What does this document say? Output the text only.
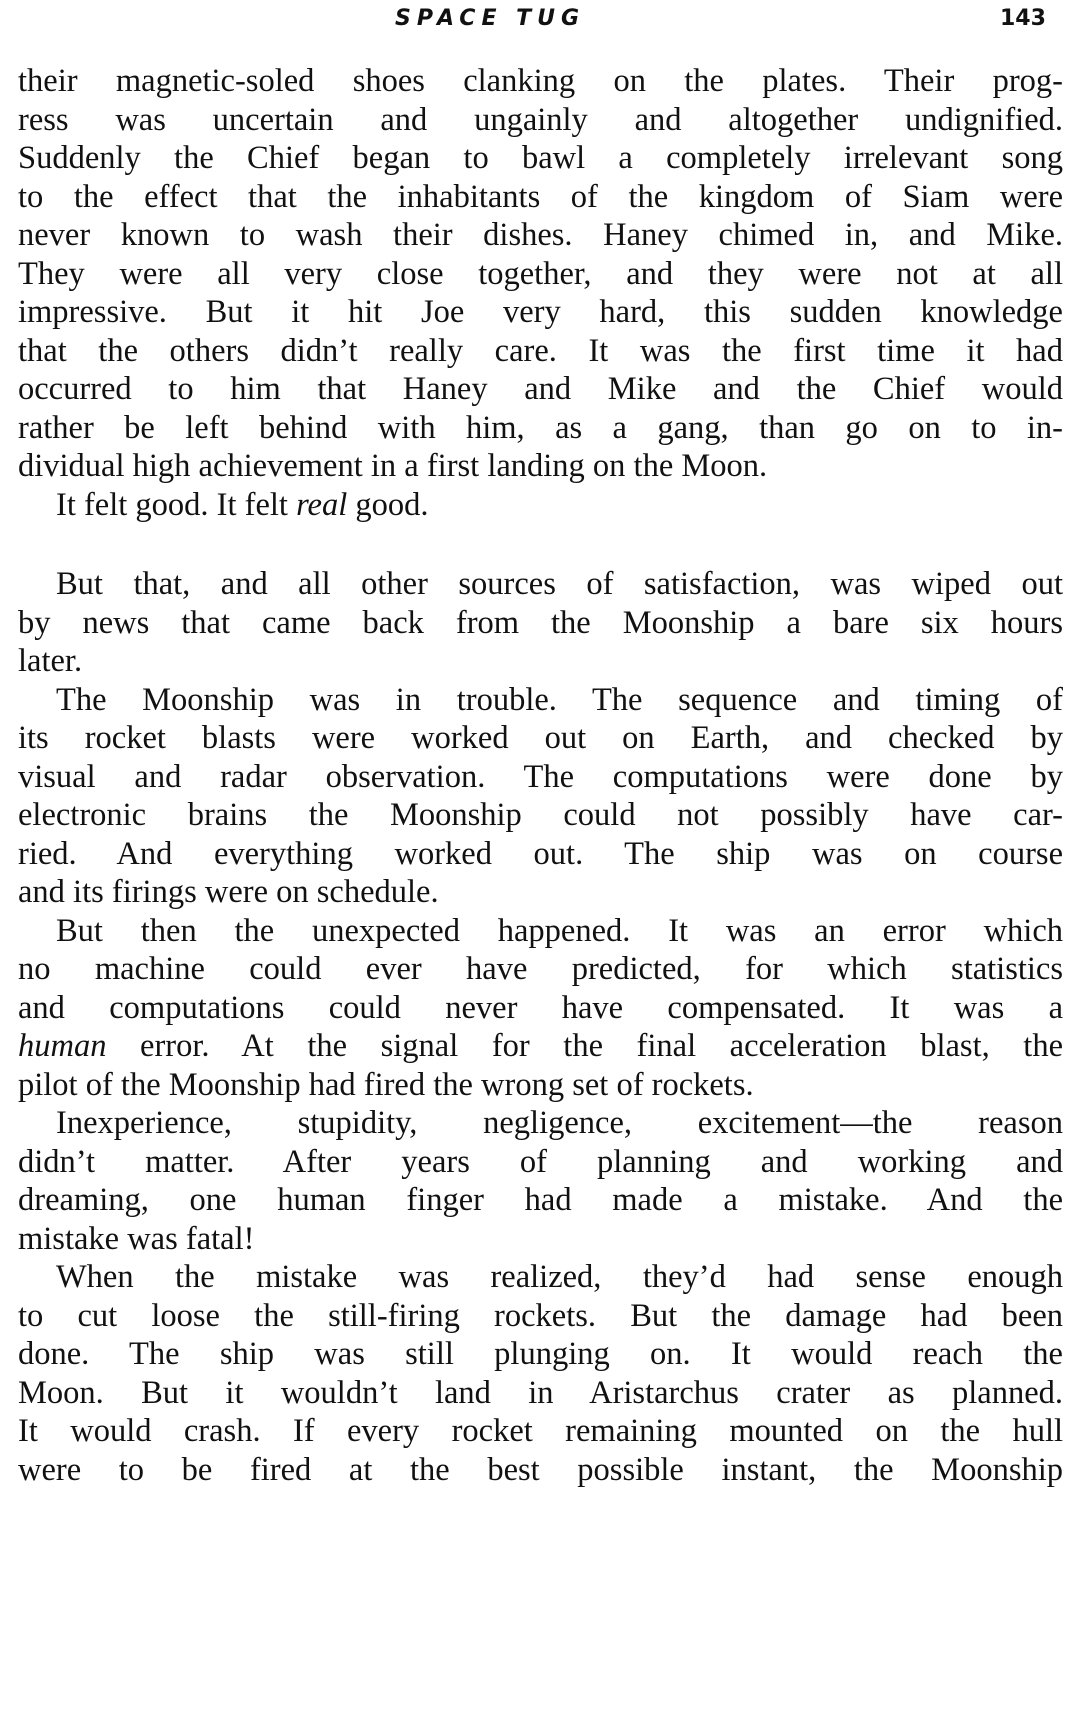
SPACE TUG	143
their magnetic-soled shoes clanking on the plates. Their prog-
ress was uncertain and ungainly and altogether undignified.
Suddenly the Chief began to bawl a completely irrelevant song
to the effect that the inhabitants of the kingdom of Siam were
never known to wash their dishes. Haney chimed in, and Mike.
They were all very close together, and they were not at all
impressive. But it hit Joe very hard, this sudden knowledge
that the others didn’t really care. It was the first time it had
occurred to him that Haney and Mike and the Chief would
rather be left behind with him, as a gang, than go on to in-
dividual high achievement in a first landing on the Moon.
It felt good. It felt real good.
But that, and all other sources of satisfaction, was wiped out
by news that came back from the Moonship a bare six hours
later.
The Moonship was in trouble. The sequence and timing of
its rocket blasts were worked out on Earth, and checked by
visual and radar observation. The computations were done by
electronic brains the Moonship could not possibly have car-
ried. And everything worked out. The ship was on course
and its firings were on schedule.
But then the unexpected happened. It was an error which
no machine could ever have predicted, for which statistics
and computations could never have compensated. It was a
human error. At the signal for the final acceleration blast, the
pilot of the Moonship had fired the wrong set of rockets.
Inexperience, stupidity, negligence, excitement—the reason
didn’t matter. After years of planning and working and
dreaming, one human finger had made a mistake. And the
mistake was fatal!
When the mistake was realized, they’d had sense enough
to cut loose the still-firing rockets. But the damage had been
done. The ship was still plunging on. It would reach the
Moon. But it wouldn’t land in Aristarchus crater as planned.
It would crash. If every rocket remaining mounted on the hull
were to be fired at the best possible instant, the Moonship
